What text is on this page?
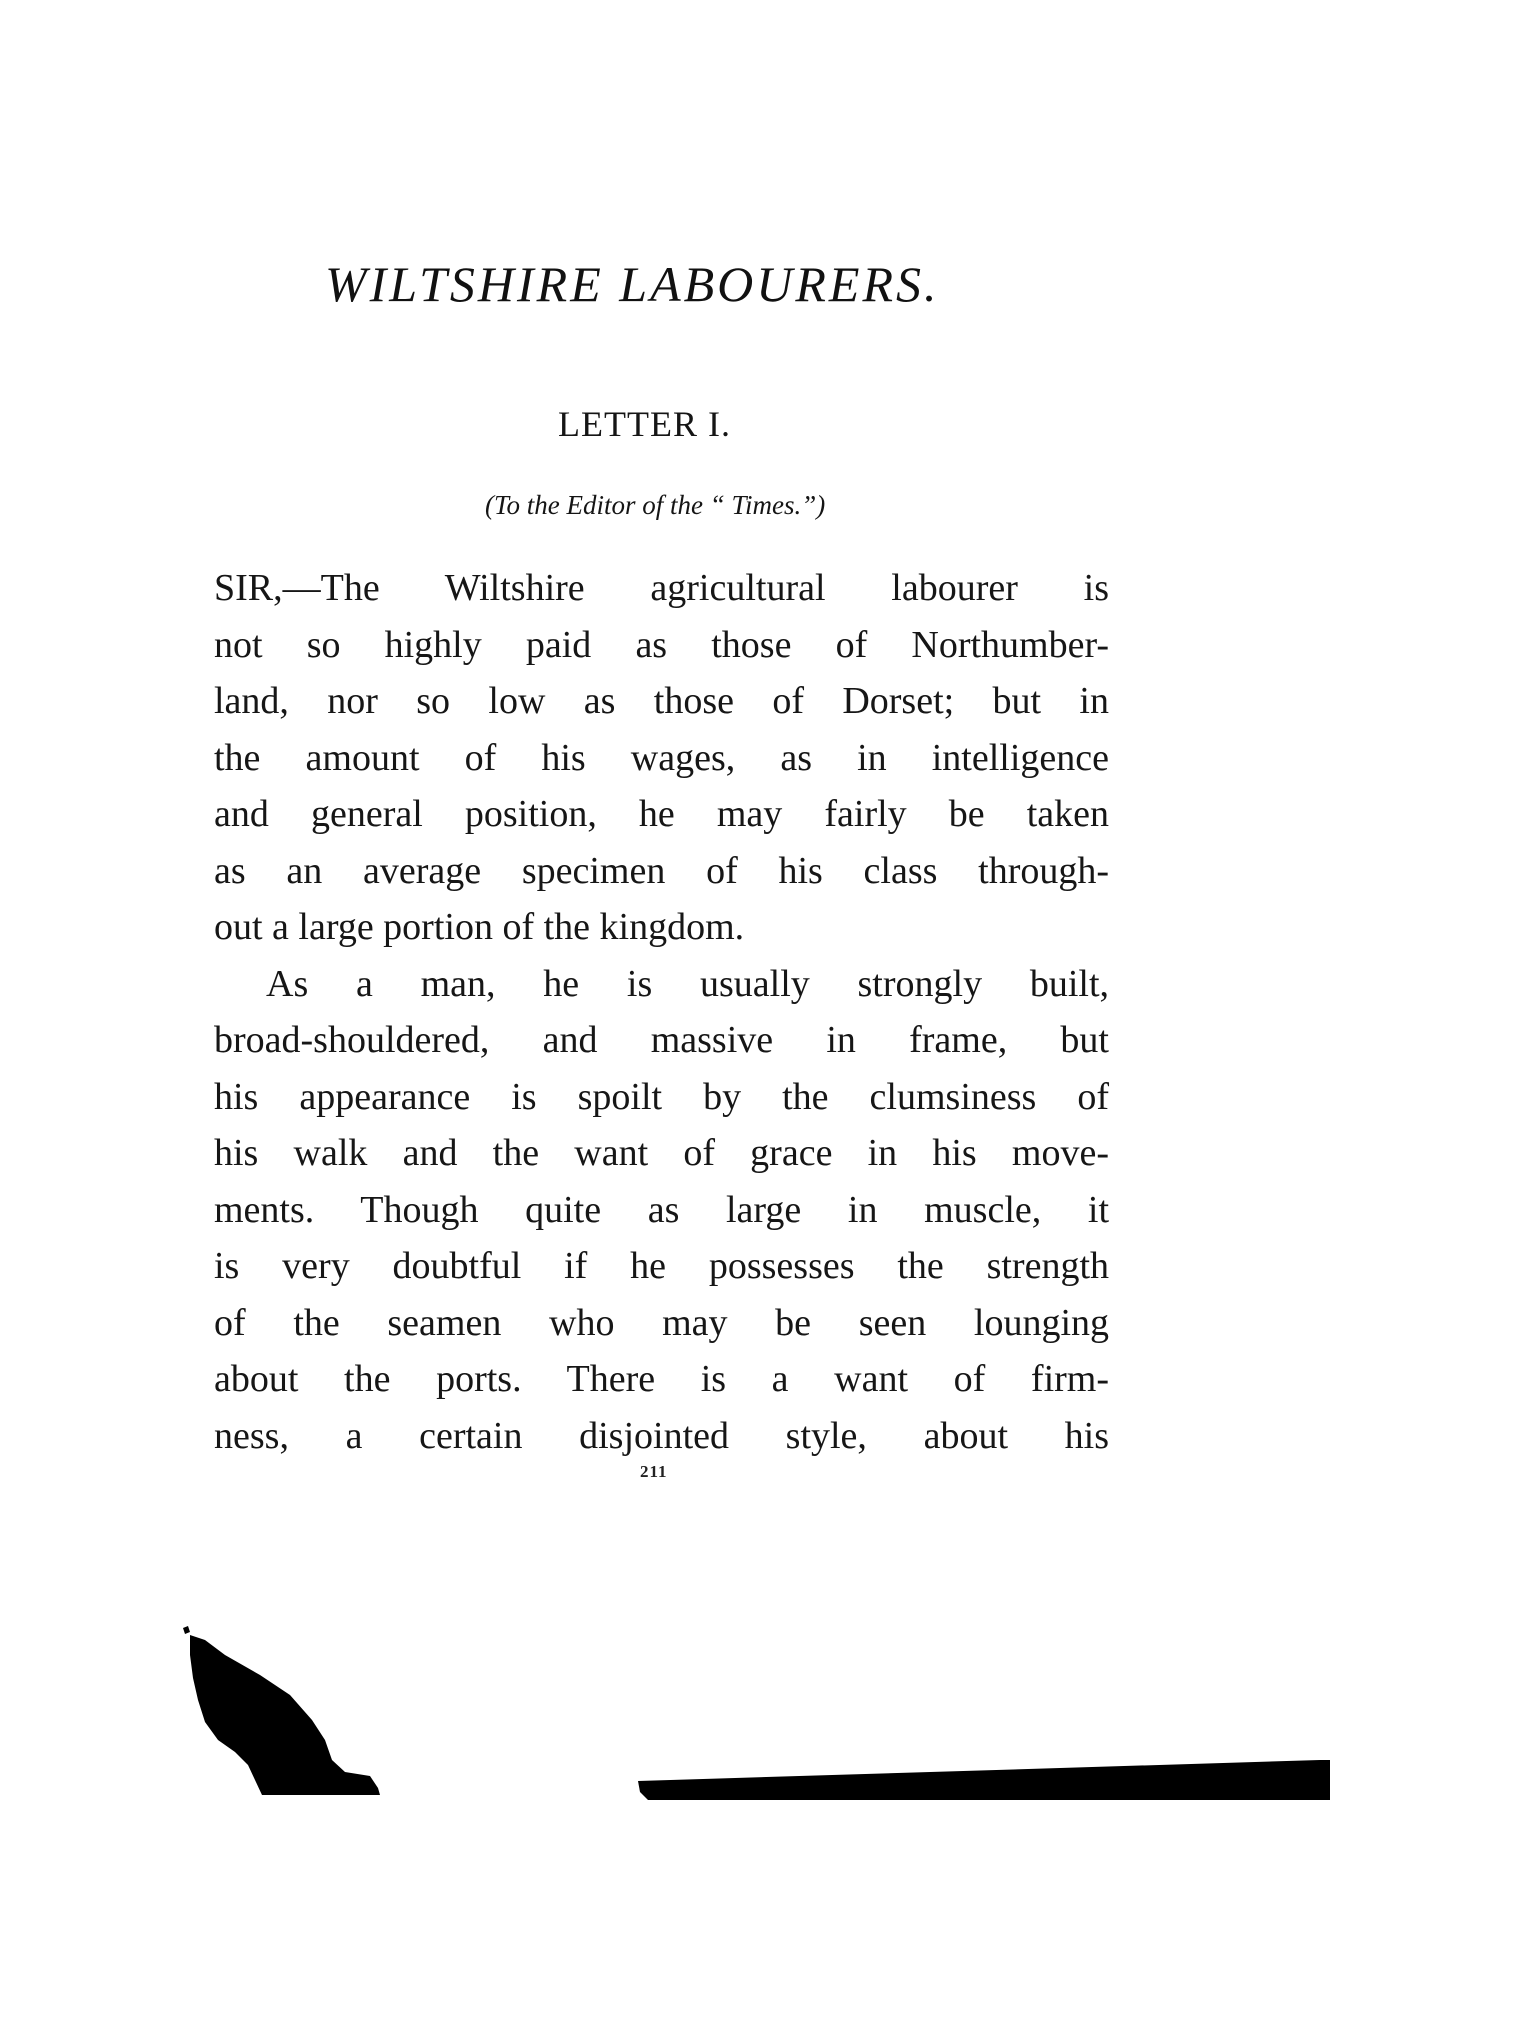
WILTSHIRE LABOURERS.
LETTER I.
(To the Editor of the “ Times.”)
SIR,—The Wiltshire agricultural labourer is
not so highly paid as those of Northumber-
land, nor so low as those of Dorset; but in
the amount of his wages, as in intelligence
and general position, he may fairly be taken
as an average specimen of his class through-
out a large portion of the kingdom.
As a man, he is usually strongly built,
broad-shouldered, and massive in frame, but
his appearance is spoilt by the clumsiness of
his walk and the want of grace in his move-
ments. Though quite as large in muscle, it
is very doubtful if he possesses the strength
of the seamen who may be seen lounging
about the ports. There is a want of firm-
ness, a certain disjointed style, about his
211
